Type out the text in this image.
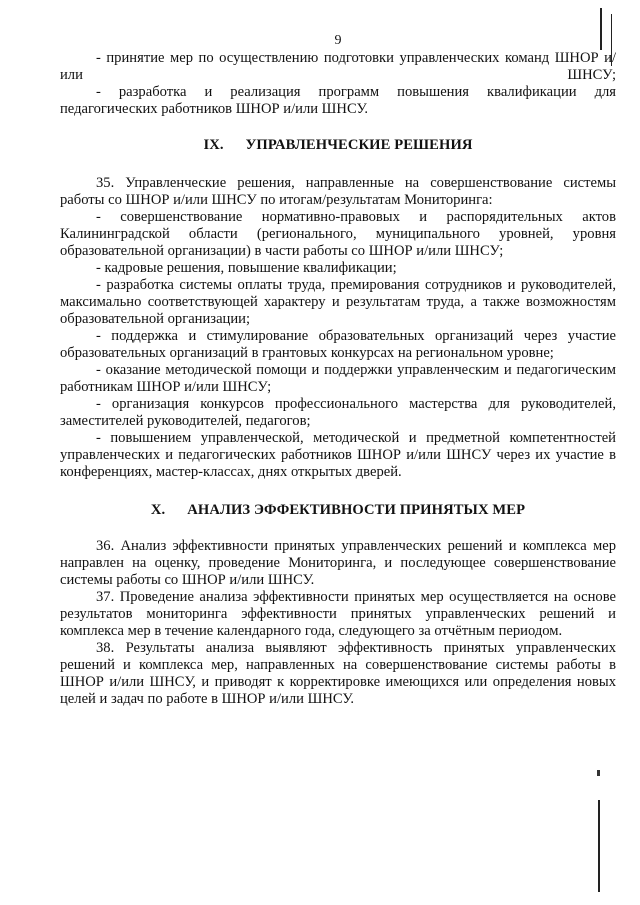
9

- принятие мер по осуществлению подготовки управленческих команд ШНОР и/или ШНСУ;

- разработка и реализация программ повышения квалификации для педагогических работников ШНОР и/или ШНСУ.

IX. УПРАВЛЕНЧЕСКИЕ РЕШЕНИЯ

35. Управленческие решения, направленные на совершенствование системы работы со ШНОР и/или ШНСУ по итогам/результатам Мониторинга:

- совершенствование нормативно-правовых и распорядительных актов Калининградской области (регионального, муниципального уровней, уровня образовательной организации) в части работы со ШНОР и/или ШНСУ;

- кадровые решения, повышение квалификации;

- разработка системы оплаты труда, премирования сотрудников и руководителей, максимально соответствующей характеру и результатам труда, а также возможностям образовательной организации;

- поддержка и стимулирование образовательных организаций через участие образовательных организаций в грантовых конкурсах на региональном уровне;

- оказание методической помощи и поддержки управленческим и педагогическим работникам ШНОР и/или ШНСУ;

- организация конкурсов профессионального мастерства для руководителей, заместителей руководителей, педагогов;

- повышением управленческой, методической и предметной компетентностей управленческих и педагогических работников ШНОР и/или ШНСУ через их участие в конференциях, мастер-классах, днях открытых дверей.

X. АНАЛИЗ ЭФФЕКТИВНОСТИ ПРИНЯТЫХ МЕР

36. Анализ эффективности принятых управленческих решений и комплекса мер направлен на оценку, проведение Мониторинга, и последующее совершенствование системы работы со ШНОР и/или ШНСУ.

37. Проведение анализа эффективности принятых мер осуществляется на основе результатов мониторинга эффективности принятых управленческих решений и комплекса мер в течение календарного года, следующего за отчётным периодом.

38. Результаты анализа выявляют эффективность принятых управленческих решений и комплекса мер, направленных на совершенствование системы работы в ШНОР и/или ШНСУ, и приводят к корректировке имеющихся или определения новых целей и задач по работе в ШНОР и/или ШНСУ.
